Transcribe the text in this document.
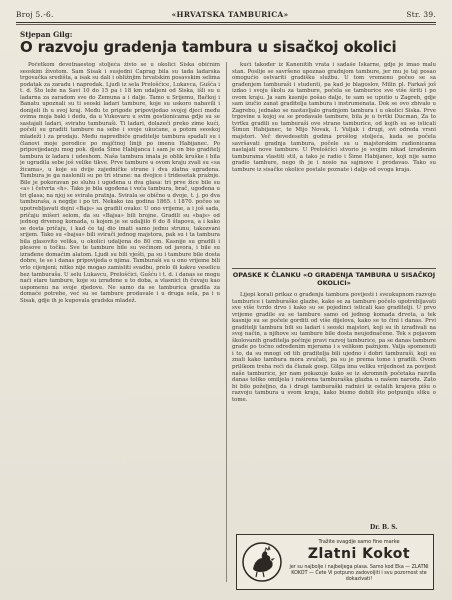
Broj 5.-6.	«HRVATSKA TAMBURICA»	Str. 39.
Stjepan Gilg:
O razvoju gradenja tambura u sisačkoj okolici

Početkom devetnaestog stoljeća živio se u okolici Siska običnim seoskim životom. Sam Sisak i susjedni Caprag bila su tada ladarska trgovačka središta, a isak su dali i obližnjim hrvatskim posavskim selima podatak za zaradu i napredak. Ljudi iz sela Prelošćice, Lukavca, Gušća i t. d. Što leže na Savi 10 do 15 pa i 18 km udaljeni od Siska, išli su u ladarna za zaradom sve do Zemuna a i dalje. Tamo u Srijemu, Bačkoj i Banatu upoznali su ti seoski ladari tambure, koje su uskoro nabavili i donijeli ih u svoj kraj. Među te prigode pripovijedao svojoj djeci među ovima moja baki i dedu, da u Vukovaru u svim gostionicama gdje su se sastajali ladari, svirahu tamburaši. Ti ladari, dolazeći preko zime kući, počeli su graditi tambure na sebe i svoje ukućane, a potom seoskoj mladeži i za prodaju. Među napredbiče graditelje tambura spadali su i članovi moje porodice po majčinoj liniji po imenu Habijanec. Po pripovijedanju mog pok. djeda Šime Habijanca i sam je on bio graditelj tambura iz ladara i udeshom. Naša tambura imala je oblik kruške i bila je ugradila sebe još velike tikve. Prve tambure u ovom kraju zvali su «sa žicama», u koje su dvije zajedničke strune i dva zlatna ugradena. Tambura je ga naslonili su po tri strane: na dvojice i tridesetak pražnje. Bile je pokoravan po sluhu i ugođena u dva glasa: tri prve žice bile su «a» i četvrta «h». Tako je bila ugođena i veća tambura, brač, ugođena u tri glasa; na njoj se svirala pratnja. Svirala se obično u dvoje, t. j. po dva tamburaša, a negdje i po tri. Nekako iza godina 1865. i 1870. počeo se upotrebljavati dojni «Bajs» sa gradili ovako: U ono vrijeme, a i još sada, pričaju mišeri selom, da su «Bajsa» bili brojne. Gradili su «bajs» od jednog drvenog komada, u kojem je se udaljilo 6 do 8 štapova, a i kako se dosta pričaju, i kad će taj dio imati samo jednu strunu, takozvani srijem. Tako su «bajsa» bili svirači jednog majstora, pak su i ta tambura bila glasovito velika, u okolici udaljena do 80 cm. Kasnije su gradili i plesove u točku. Sve te tambure bile su većinom od javora, i bile su izrađene domaćim alatom. Ljudi su bili vješti, pa su i tambure bile dosta dobre, te se i danas pripovijeda o njima. Tamburaši su u ono vrijeme bili vrlo cijenjeni; nitko nije mogao zamisliti svadbu, prelo ili kakvu veselicu bez tamburaša. U selu Lukavcu, Prelošćici, Gušću i t. d. i danas se mogu naći stare tambure, koje su izrađene u to doba, a vlasnici ih čuvaju kao uspomenu na svoje djedove. Ne samo da se tamburica gradila za domaće potrebe, već su se tambure prodavale i u druga sela, pa i u Sisak, gdje ih je kupovala gradska mladež.

kući također iz Kanenitih vrata i sadaše Iskarne, gdje je imao malu stan. Poslije se savršeno upoznao gradnjom tambure, jer mu je taj posao omogućio ostvariti gradišku službu. U tom vremenu počeo se sa građenjem tamburaši i studenti, pa kad je blagoslov, Milin pl. Farkaš još izdao i svoju školu za tambure, počela se tamburice sve više širiti i po ovom kraju. Ja sam kasnije pošao dalje, te sam se uputio u Zagreb, gdje sam izučio zanat graditelja tambura i instrumenata. Dok se ovo zbivalo u Zagrebu, jednako se nastavljalo gradnjom tambura i u okolici Siska. Prve trgovine u kojoj su se prodavale tambure, bila je u tvrtki Ducman, Za to tvrtku gradili su tamburaši ove strane tamburice, od kojih su se isticali Šimun Habijanec, te Mijo Novak, I. Vuljak i drugi, svi odreda vrsni majstori. Več devedesetih godina prošlog stoljeća, kada se počela savršavati gradnja tambura, počele su u majstorskim radionicama nastajati nove tambure. U Prelošćici stvorio je svojim nikad izrađenim tamburama vlastiti stil, a tako je radio i Šime Habijanec, koji nije samo gradio tambure, nego ih je i nosio na sajmove i prodavao. Tako su tambure iz sisačke okolice postale poznate i dalje od ovoga kraja.

OPASKE K ČLANKU «O GRAĐENJA TAMBURA U SISAČKOJ OKOLICI»

Lijepi korali prikaz o građenju tambura povijesti i sveukupnom razvoju tamburice i tamburaške glazbe, kako se za tambure počelo upotrebljavati sve više tvrdo drvo i kako su se pojedinci isticali kao graditelji. U prvo vrijeme gradile su se tambure samo od jednog komada drveta, a tek kasnije su se počele gorditi od više dijelova, kako se to čini i danas. Prvi graditelji tambura bili su ladari i seoski majstori, koji su ih izrađivali na svoj način, a njihove su tambure bile dosta neujednačene. Tek s pojavom školovanih graditelja počinje pravi razvoj tamburice, pa se danas tambure grade po točno određenim mjerama i s velikom pažnjom. Valja spomenuti i to, da su mnogi od tih graditelja bili ujedno i dobri tamburaši, koji su znali kako tambura mora zvučati, pa su je prema tome i gradili. Ovom prilikom treba reći da članak gosp. Gilga ima veliku vrijednost za povijest naše tamburice, jer nam pokazuje kako se iz skromnih početaka razvila danas toliko omiljela i raširena tamburaška glazba u našem narodu. Zato bi bilo poželjno, da i drugi tamburaški radnici iz ostalih krajeva pišu o razvoju tambura u svom kraju, kako bismo dobili što potpuniju sliku o tome.

Dr. B. S.
Tražite svagdje samo fine marke
Zlatni Kokot
jer su najbolje i najbeljega plasa. Samo kod Eka — ZLATNI KOKOT — Ćete Vi potpuno zadovoljiti i svu pozornost ste dokazivati!
